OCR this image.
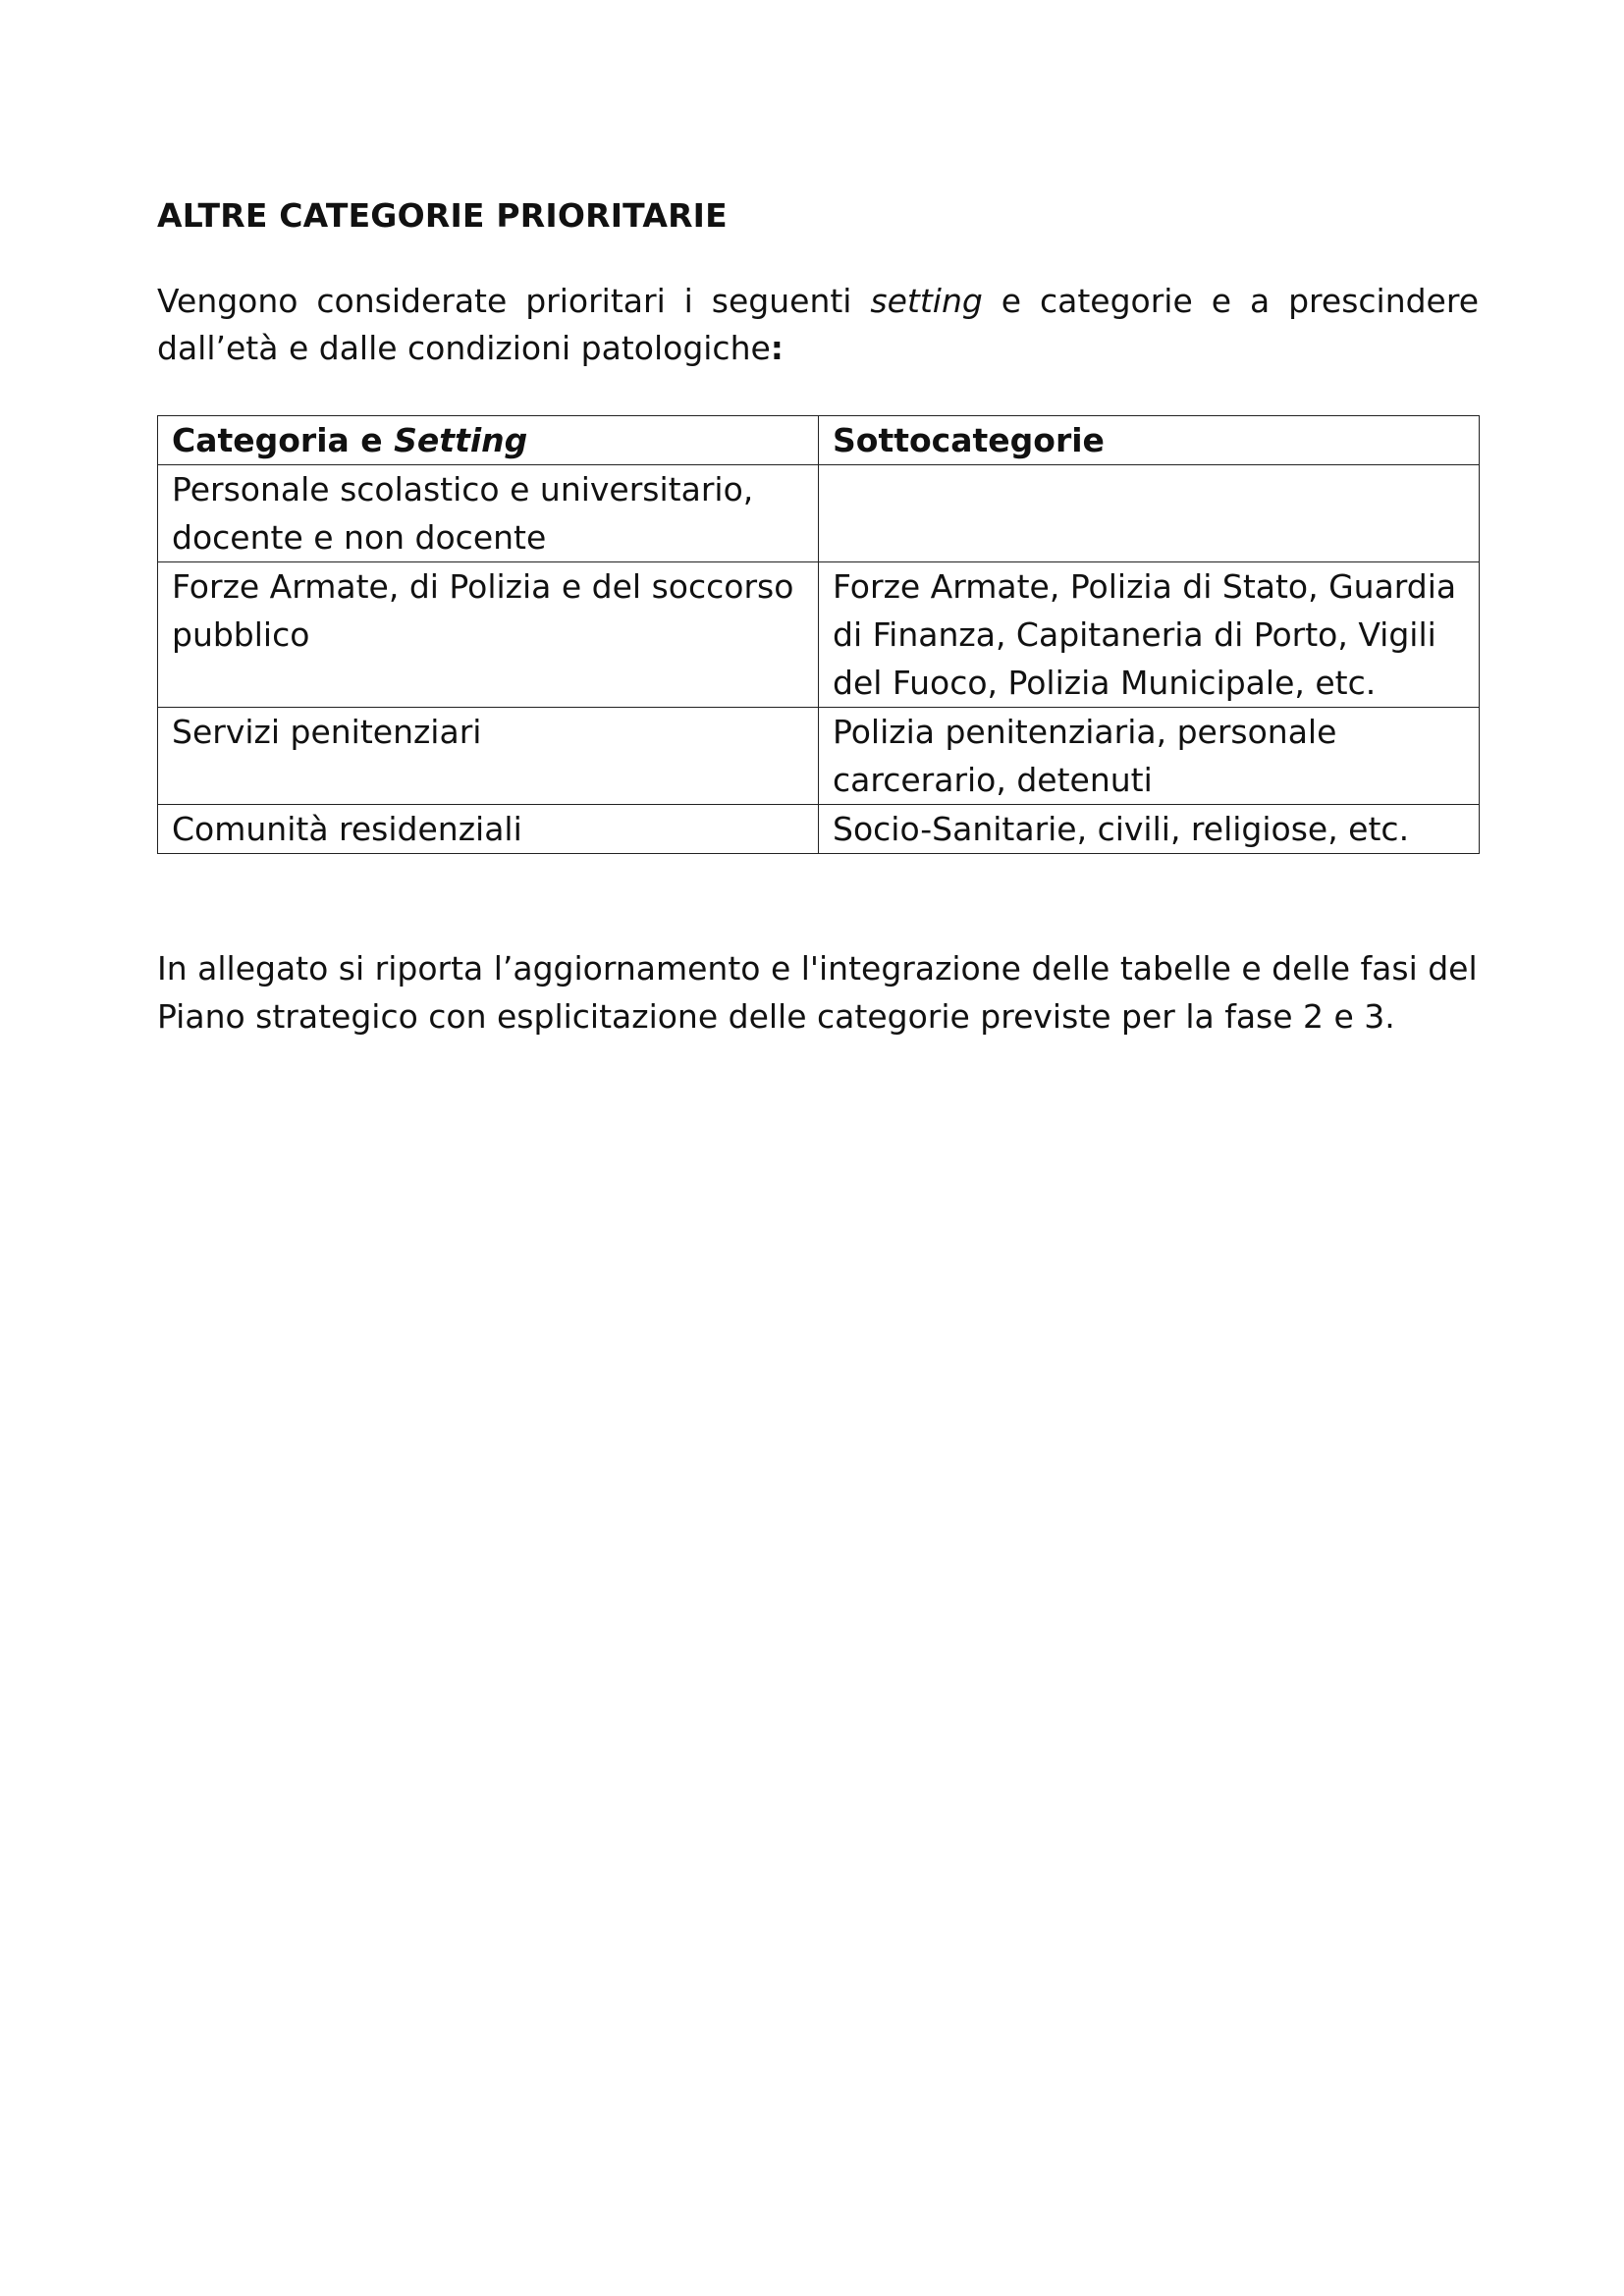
ALTRE CATEGORIE PRIORITARIE

Vengono considerate prioritari i seguenti setting e categorie e a prescindere dall’età e dalle condizioni patologiche:

Categoria e Setting	Sottocategorie
Personale scolastico e universitario, docente e non docente	
Forze Armate, di Polizia e del soccorso pubblico	Forze Armate, Polizia di Stato, Guardia di Finanza, Capitaneria di Porto, Vigili del Fuoco, Polizia Municipale, etc.
Servizi penitenziari	Polizia penitenziaria, personale carcerario, detenuti
Comunità residenziali	Socio-Sanitarie, civili, religiose, etc.

In allegato si riporta l’aggiornamento e l'integrazione delle tabelle e delle fasi del Piano strategico con esplicitazione delle categorie previste per la fase 2 e 3.
